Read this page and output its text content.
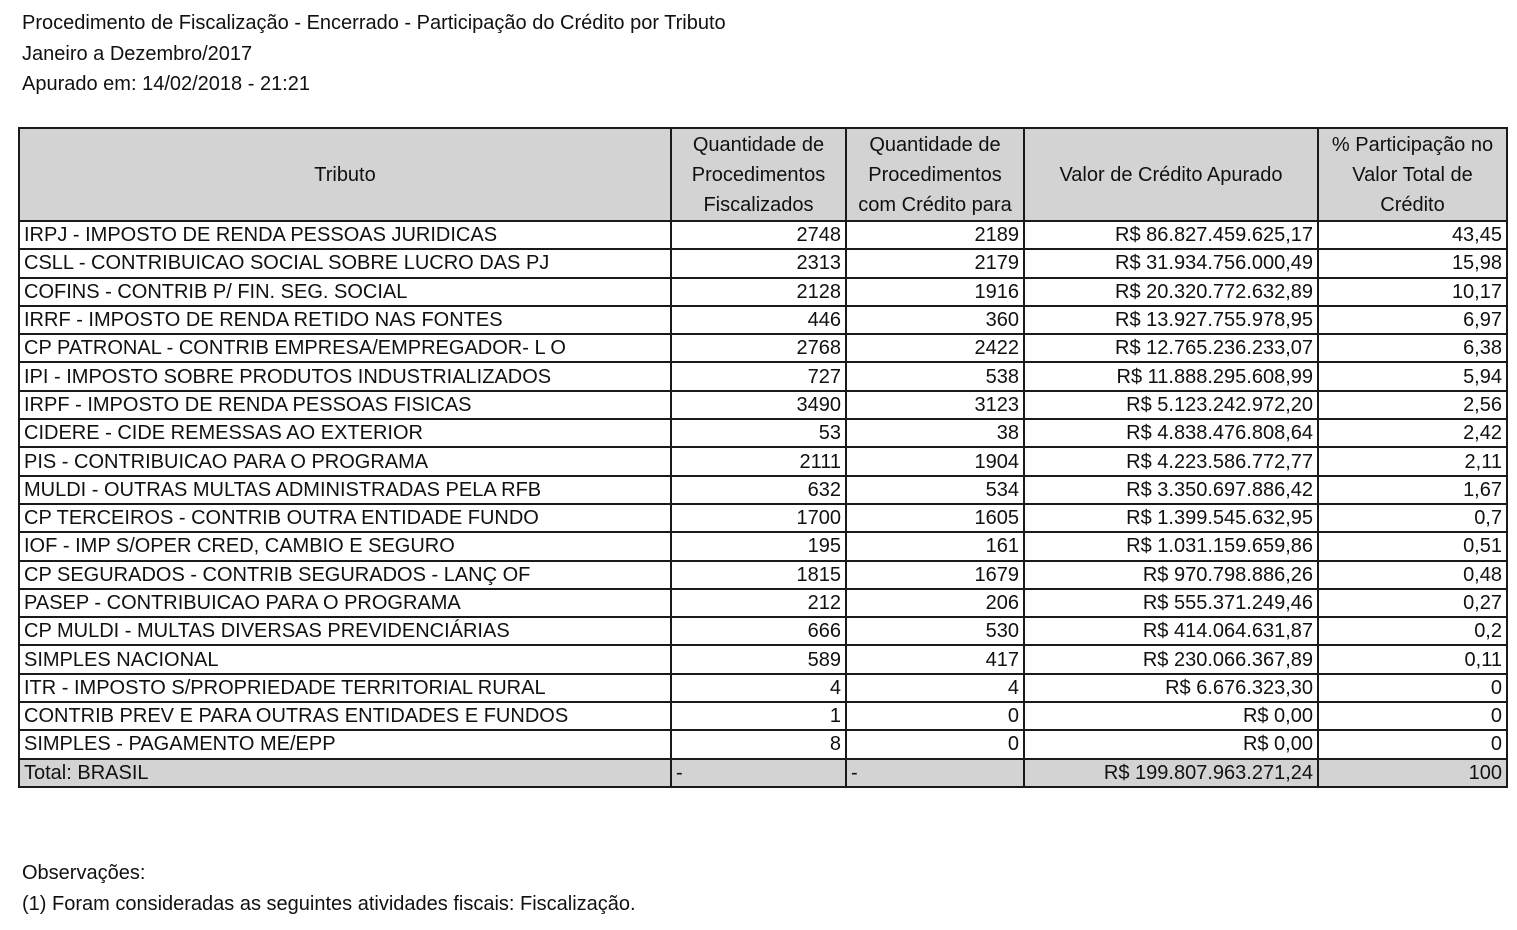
Procedimento de Fiscalização - Encerrado - Participação do Crédito por Tributo
Janeiro a Dezembro/2017
Apurado em: 14/02/2018 - 21:21
Tributo	Quantidade de Procedimentos Fiscalizados	Quantidade de Procedimentos com Crédito para	Valor de Crédito Apurado	% Participação no Valor Total de Crédito
IRPJ - IMPOSTO DE RENDA PESSOAS JURIDICAS	2748	2189	R$ 86.827.459.625,17	43,45
CSLL - CONTRIBUICAO SOCIAL SOBRE LUCRO DAS PJ	2313	2179	R$ 31.934.756.000,49	15,98
COFINS - CONTRIB P/ FIN. SEG. SOCIAL	2128	1916	R$ 20.320.772.632,89	10,17
IRRF - IMPOSTO DE RENDA RETIDO NAS FONTES	446	360	R$ 13.927.755.978,95	6,97
CP PATRONAL - CONTRIB EMPRESA/EMPREGADOR- L O	2768	2422	R$ 12.765.236.233,07	6,38
IPI - IMPOSTO SOBRE PRODUTOS INDUSTRIALIZADOS	727	538	R$ 11.888.295.608,99	5,94
IRPF - IMPOSTO DE RENDA PESSOAS FISICAS	3490	3123	R$ 5.123.242.972,20	2,56
CIDERE - CIDE REMESSAS AO EXTERIOR	53	38	R$ 4.838.476.808,64	2,42
PIS - CONTRIBUICAO PARA O PROGRAMA	2111	1904	R$ 4.223.586.772,77	2,11
MULDI - OUTRAS MULTAS ADMINISTRADAS PELA RFB	632	534	R$ 3.350.697.886,42	1,67
CP TERCEIROS - CONTRIB OUTRA ENTIDADE FUNDO	1700	1605	R$ 1.399.545.632,95	0,7
IOF - IMP S/OPER CRED, CAMBIO E SEGURO	195	161	R$ 1.031.159.659,86	0,51
CP SEGURADOS - CONTRIB SEGURADOS - LANÇ OF	1815	1679	R$ 970.798.886,26	0,48
PASEP - CONTRIBUICAO PARA O PROGRAMA	212	206	R$ 555.371.249,46	0,27
CP MULDI - MULTAS DIVERSAS PREVIDENCIÁRIAS	666	530	R$ 414.064.631,87	0,2
SIMPLES NACIONAL	589	417	R$ 230.066.367,89	0,11
ITR - IMPOSTO S/PROPRIEDADE TERRITORIAL RURAL	4	4	R$ 6.676.323,30	0
CONTRIB PREV E PARA OUTRAS ENTIDADES E FUNDOS	1	0	R$ 0,00	0
SIMPLES - PAGAMENTO ME/EPP	8	0	R$ 0,00	0
Total: BRASIL	-	-	R$ 199.807.963.271,24	100
Observações:
(1) Foram consideradas as seguintes atividades fiscais: Fiscalização.
